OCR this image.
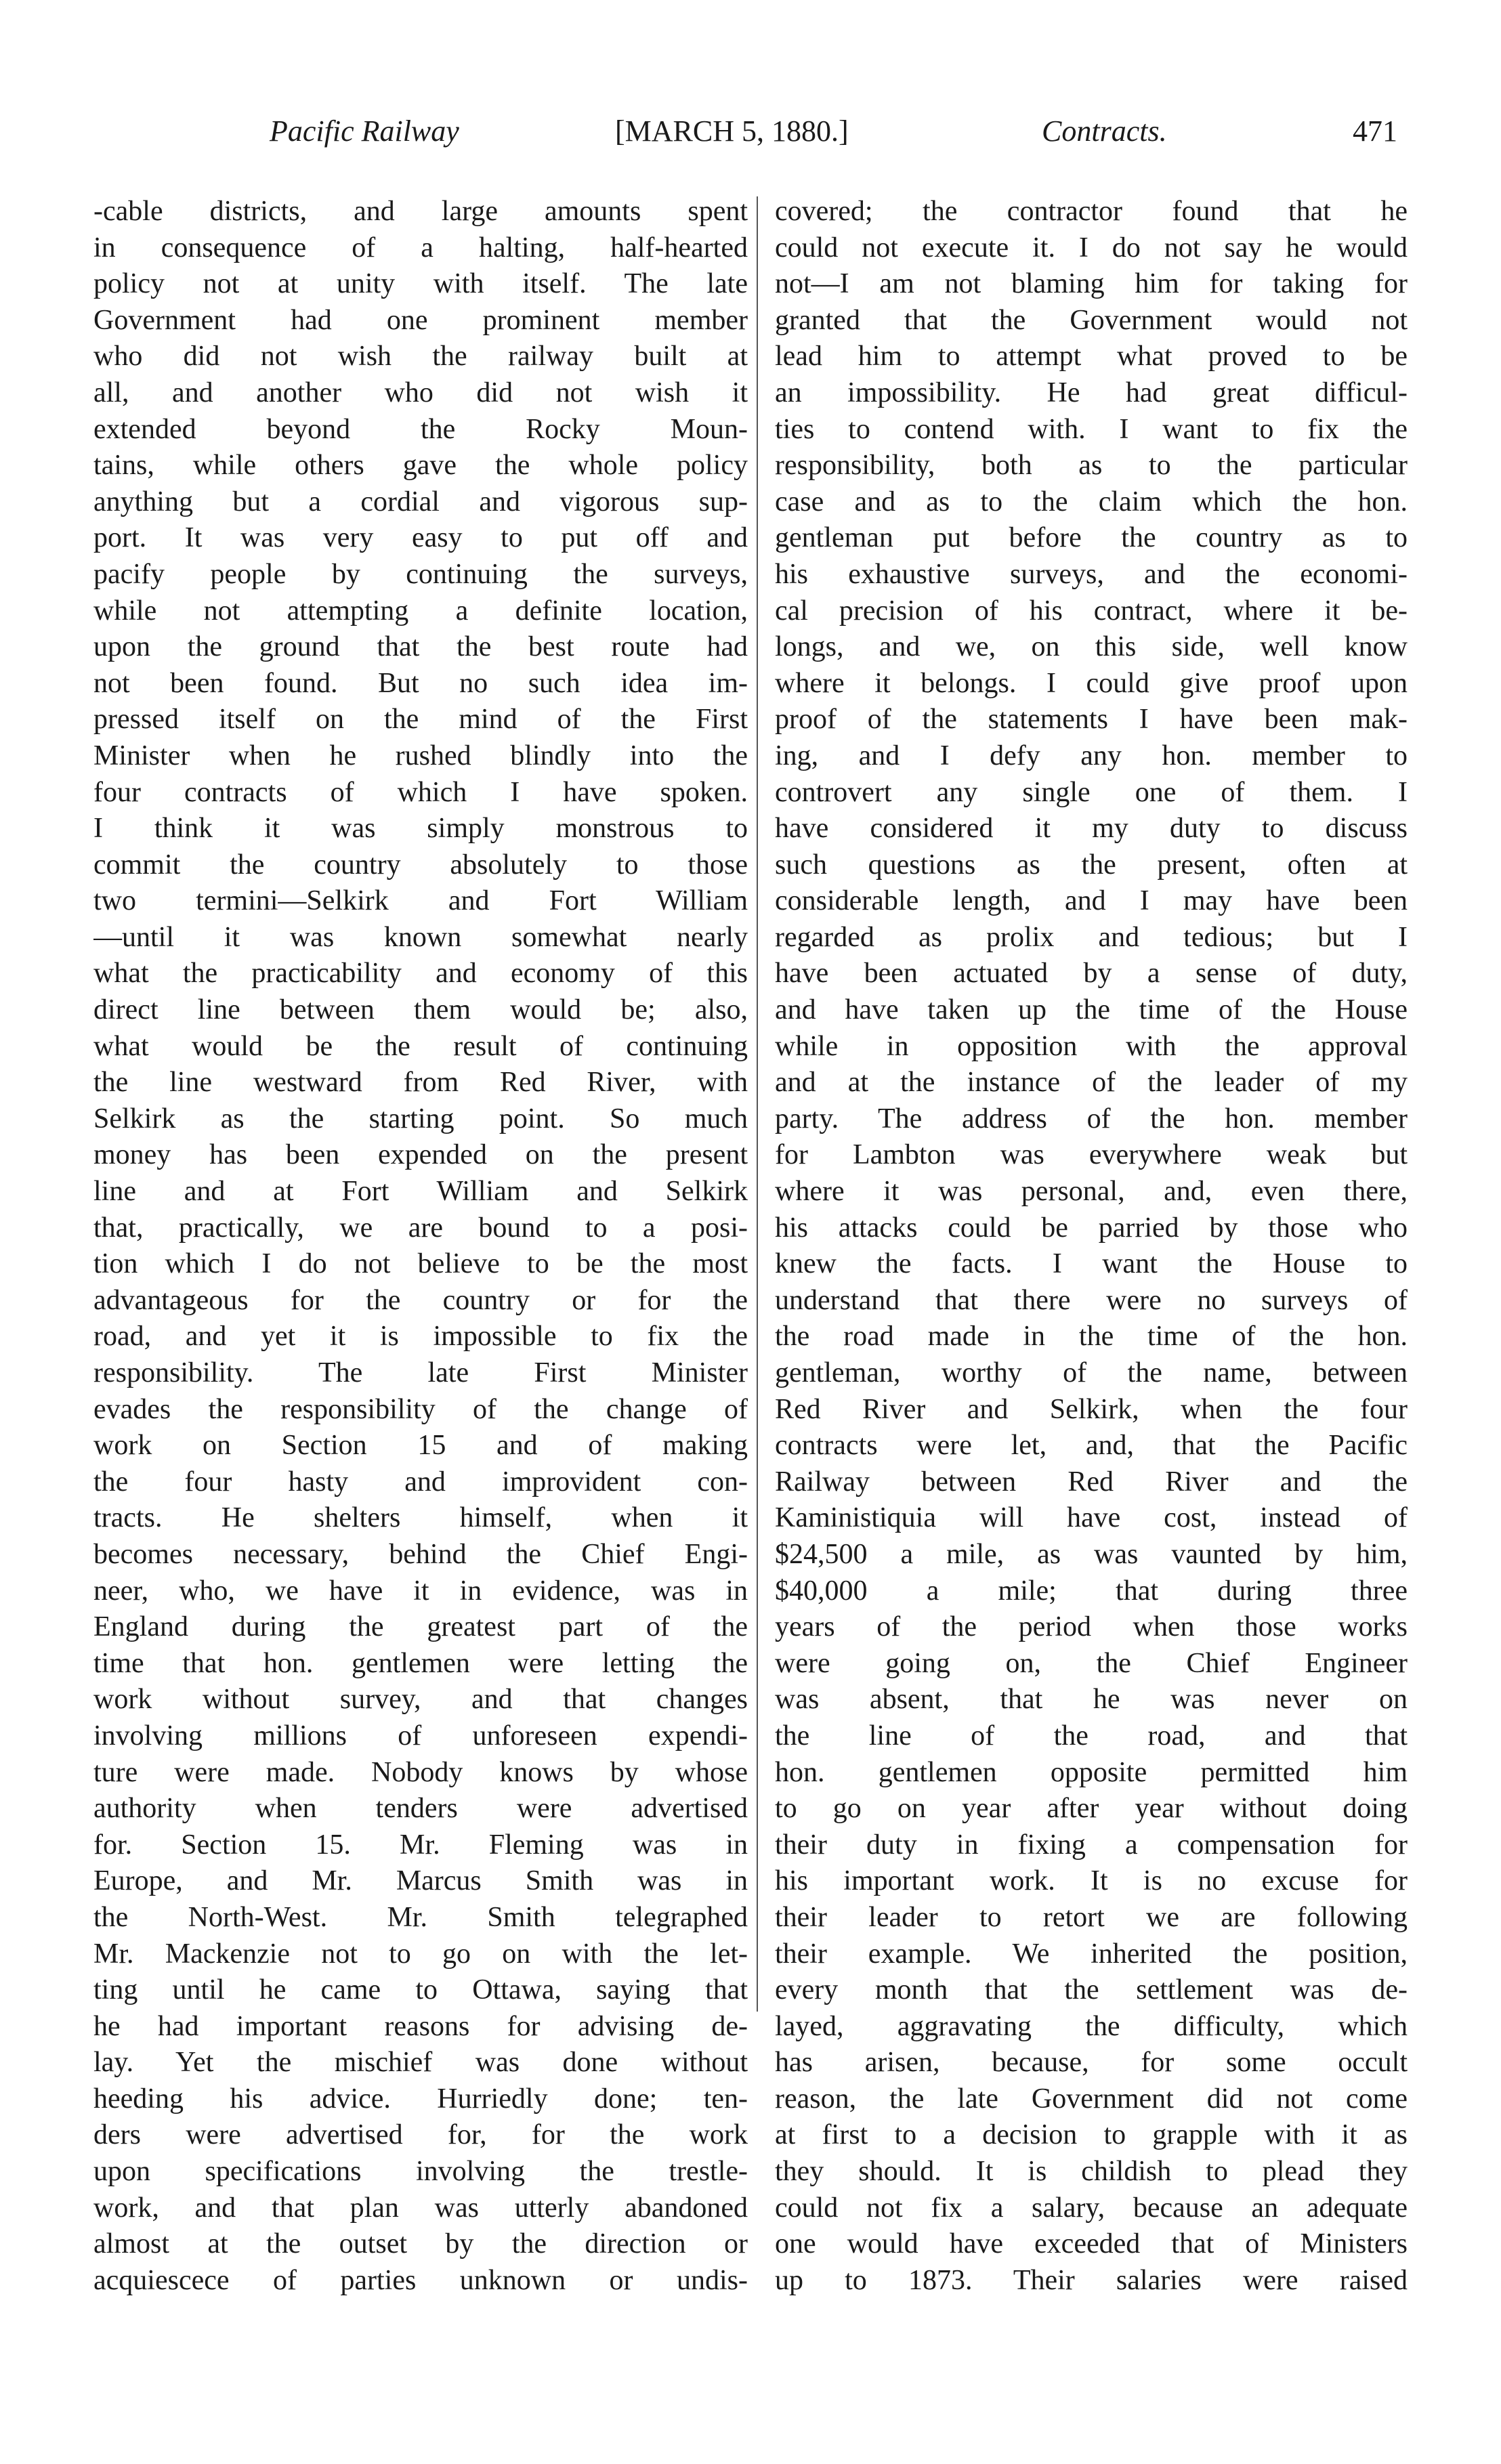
Pacific Railway	[MARCH 5, 1880.]	Contracts.	471
-cable districts, and large amounts spent
in consequence of a halting, half-hearted
policy not at unity with itself. The late
Government had one prominent member
who did not wish the railway built at
all, and another who did not wish it
extended beyond the Rocky Moun-
tains, while others gave the whole policy
anything but a cordial and vigorous sup-
port. It was very easy to put off and
pacify people by continuing the surveys,
while not attempting a definite location,
upon the ground that the best route had
not been found. But no such idea im-
pressed itself on the mind of the First
Minister when he rushed blindly into the
four contracts of which I have spoken.
I think it was simply monstrous to
commit the country absolutely to those
two termini—Selkirk and Fort William
—until it was known somewhat nearly
what the practicability and economy of this
direct line between them would be; also,
what would be the result of continuing
the line westward from Red River, with
Selkirk as the starting point. So much
money has been expended on the present
line and at Fort William and Selkirk
that, practically, we are bound to a posi-
tion which I do not believe to be the most
advantageous for the country or for the
road, and yet it is impossible to fix the
responsibility. The late First Minister
evades the responsibility of the change of
work on Section 15 and of making
the four hasty and improvident con-
tracts. He shelters himself, when it
becomes necessary, behind the Chief Engi-
neer, who, we have it in evidence, was in
England during the greatest part of the
time that hon. gentlemen were letting the
work without survey, and that changes
involving millions of unforeseen expendi-
ture were made. Nobody knows by whose
authority when tenders were advertised
for. Section 15. Mr. Fleming was in
Europe, and Mr. Marcus Smith was in
the North-West. Mr. Smith telegraphed
Mr. Mackenzie not to go on with the let-
ting until he came to Ottawa, saying that
he had important reasons for advising de-
lay. Yet the mischief was done without
heeding his advice. Hurriedly done; ten-
ders were advertised for, for the work
upon specifications involving the trestle-
work, and that plan was utterly abandoned
almost at the outset by the direction or
acquiescece of parties unknown or undis-
covered; the contractor found that he
could not execute it. I do not say he would
not—I am not blaming him for taking for
granted that the Government would not
lead him to attempt what proved to be
an impossibility. He had great difficul-
ties to contend with. I want to fix the
responsibility, both as to the particular
case and as to the claim which the hon.
gentleman put before the country as to
his exhaustive surveys, and the economi-
cal precision of his contract, where it be-
longs, and we, on this side, well know
where it belongs. I could give proof upon
proof of the statements I have been mak-
ing, and I defy any hon. member to
controvert any single one of them. I
have considered it my duty to discuss
such questions as the present, often at
considerable length, and I may have been
regarded as prolix and tedious; but I
have been actuated by a sense of duty,
and have taken up the time of the House
while in opposition with the approval
and at the instance of the leader of my
party. The address of the hon. member
for Lambton was everywhere weak but
where it was personal, and, even there,
his attacks could be parried by those who
knew the facts. I want the House to
understand that there were no surveys of
the road made in the time of the hon.
gentleman, worthy of the name, between
Red River and Selkirk, when the four
contracts were let, and, that the Pacific
Railway between Red River and the
Kaministiquia will have cost, instead of
$24,500 a mile, as was vaunted by him,
$40,000 a mile; that during three
years of the period when those works
were going on, the Chief Engineer
was absent, that he was never on
the line of the road, and that
hon. gentlemen opposite permitted him
to go on year after year without doing
their duty in fixing a compensation for
his important work. It is no excuse for
their leader to retort we are following
their example. We inherited the position,
every month that the settlement was de-
layed, aggravating the difficulty, which
has arisen, because, for some occult
reason, the late Government did not come
at first to a decision to grapple with it as
they should. It is childish to plead they
could not fix a salary, because an adequate
one would have exceeded that of Ministers
up to 1873. Their salaries were raised
